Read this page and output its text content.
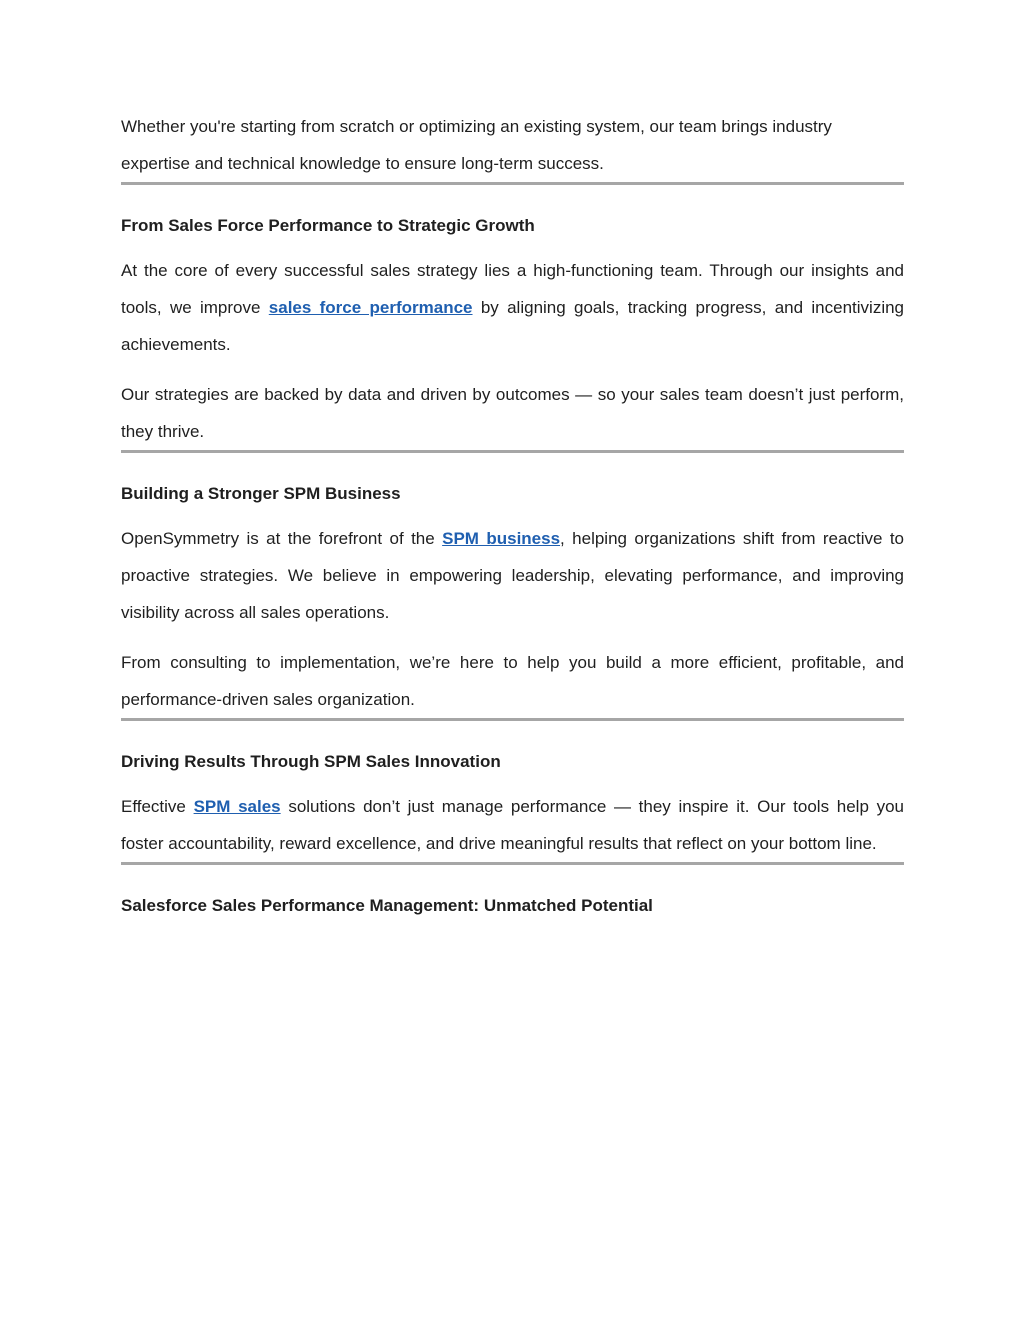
Whether you're starting from scratch or optimizing an existing system, our team brings industry expertise and technical knowledge to ensure long-term success.

From Sales Force Performance to Strategic Growth

At the core of every successful sales strategy lies a high-functioning team. Through our insights and tools, we improve sales force performance by aligning goals, tracking progress, and incentivizing achievements.

Our strategies are backed by data and driven by outcomes — so your sales team doesn’t just perform, they thrive.

Building a Stronger SPM Business

OpenSymmetry is at the forefront of the SPM business, helping organizations shift from reactive to proactive strategies. We believe in empowering leadership, elevating performance, and improving visibility across all sales operations.

From consulting to implementation, we’re here to help you build a more efficient, profitable, and performance-driven sales organization.

Driving Results Through SPM Sales Innovation

Effective SPM sales solutions don’t just manage performance — they inspire it. Our tools help you foster accountability, reward excellence, and drive meaningful results that reflect on your bottom line.

Salesforce Sales Performance Management: Unmatched Potential
